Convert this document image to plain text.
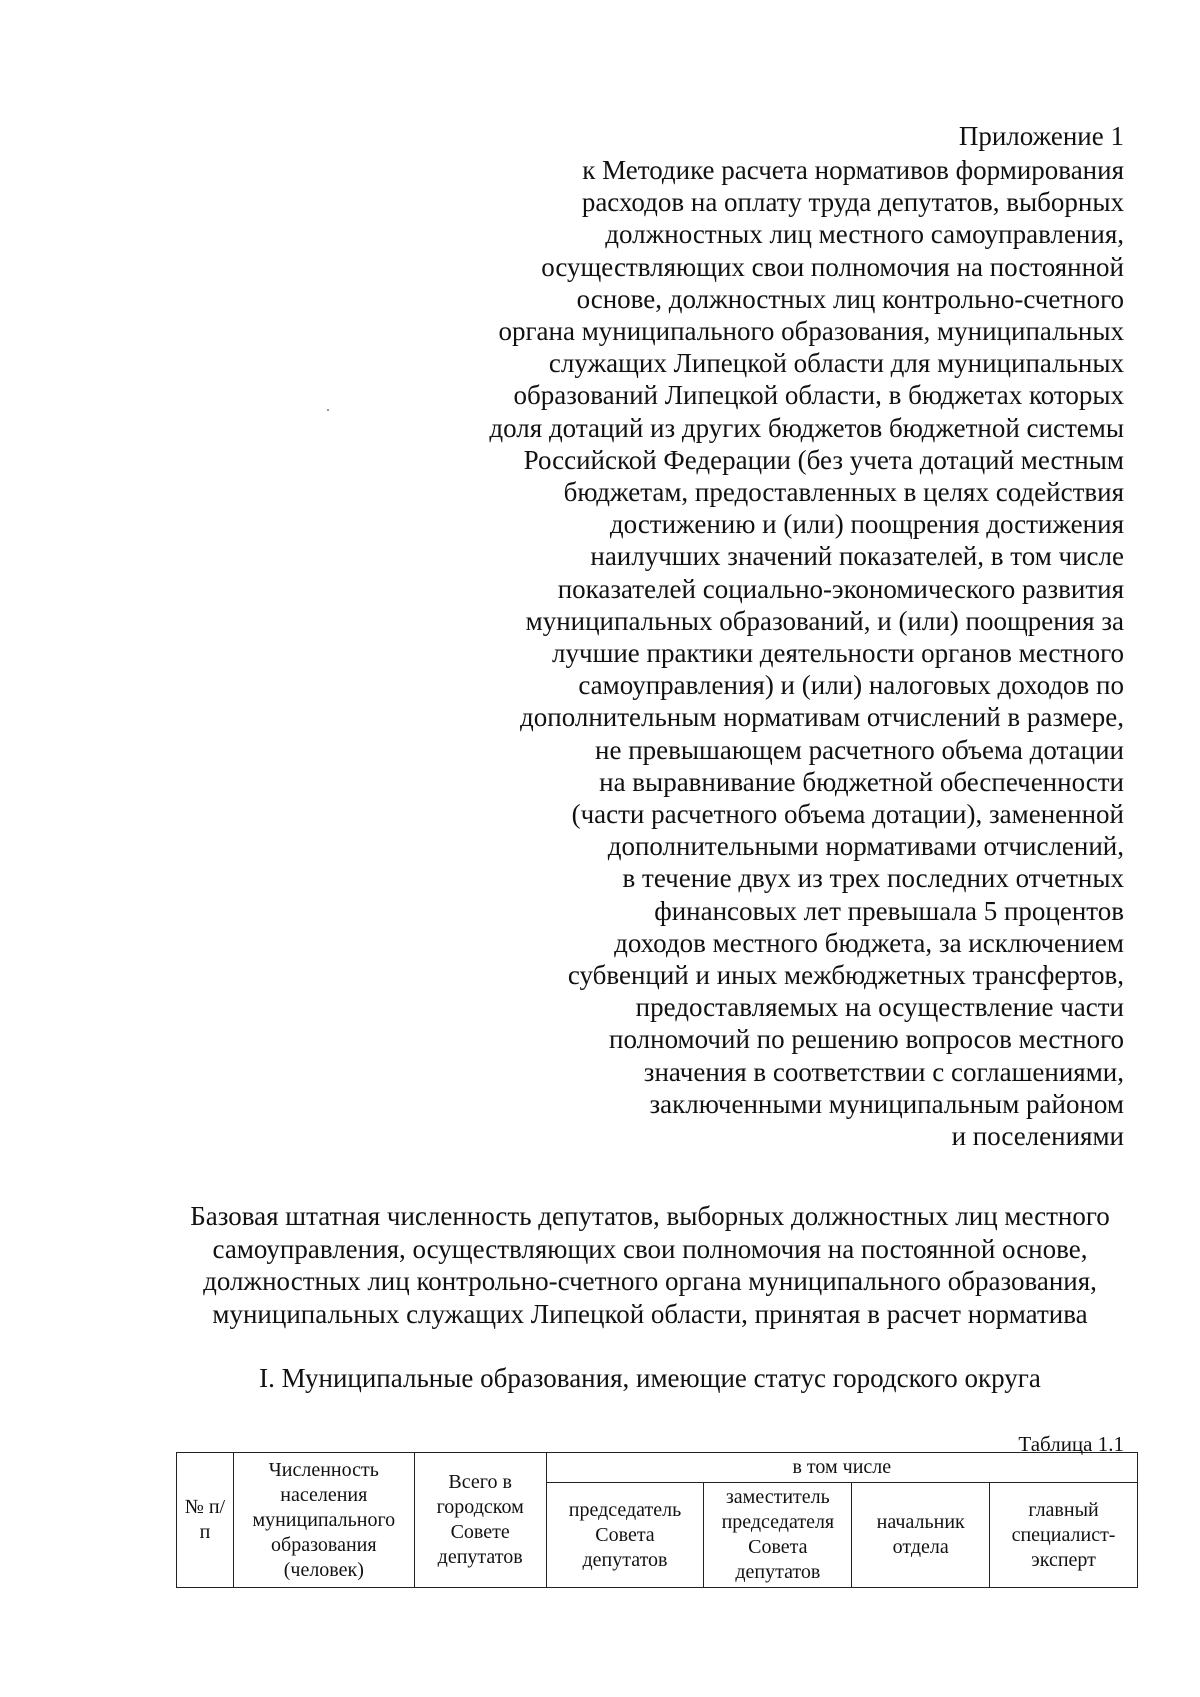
Приложение 1
к Методике расчета нормативов формирования
расходов на оплату труда депутатов, выборных
должностных лиц местного самоуправления,
осуществляющих свои полномочия на постоянной
основе, должностных лиц контрольно-счетного
органа муниципального образования, муниципальных
служащих Липецкой области для муниципальных
образований Липецкой области, в бюджетах которых
доля дотаций из других бюджетов бюджетной системы
Российской Федерации (без учета дотаций местным
бюджетам, предоставленных в целях содействия
достижению и (или) поощрения достижения
наилучших значений показателей, в том числе
показателей социально-экономического развития
муниципальных образований, и (или) поощрения за
лучшие практики деятельности органов местного
самоуправления) и (или) налоговых доходов по
дополнительным нормативам отчислений в размере,
не превышающем расчетного объема дотации
на выравнивание бюджетной обеспеченности
(части расчетного объема дотации), замененной
дополнительными нормативами отчислений,
в течение двух из трех последних отчетных
финансовых лет превышала 5 процентов
доходов местного бюджета, за исключением
субвенций и иных межбюджетных трансфертов,
предоставляемых на осуществление части
полномочий по решению вопросов местного
значения в соответствии с соглашениями,
заключенными муниципальным районом
и поселениями
Базовая штатная численность депутатов, выборных должностных лиц местного
самоуправления, осуществляющих свои полномочия на постоянной основе,
должностных лиц контрольно-счетного органа муниципального образования,
муниципальных служащих Липецкой области, принятая в расчет норматива
I. Муниципальные образования, имеющие статус городского округа
Таблица 1.1
№ п/п	Численность населения муниципального образования (человек)	Всего в городском Совете депутатов	в том числе			
			председатель Совета депутатов	заместитель председателя Совета депутатов	начальник отдела	главный специалист-эксперт
